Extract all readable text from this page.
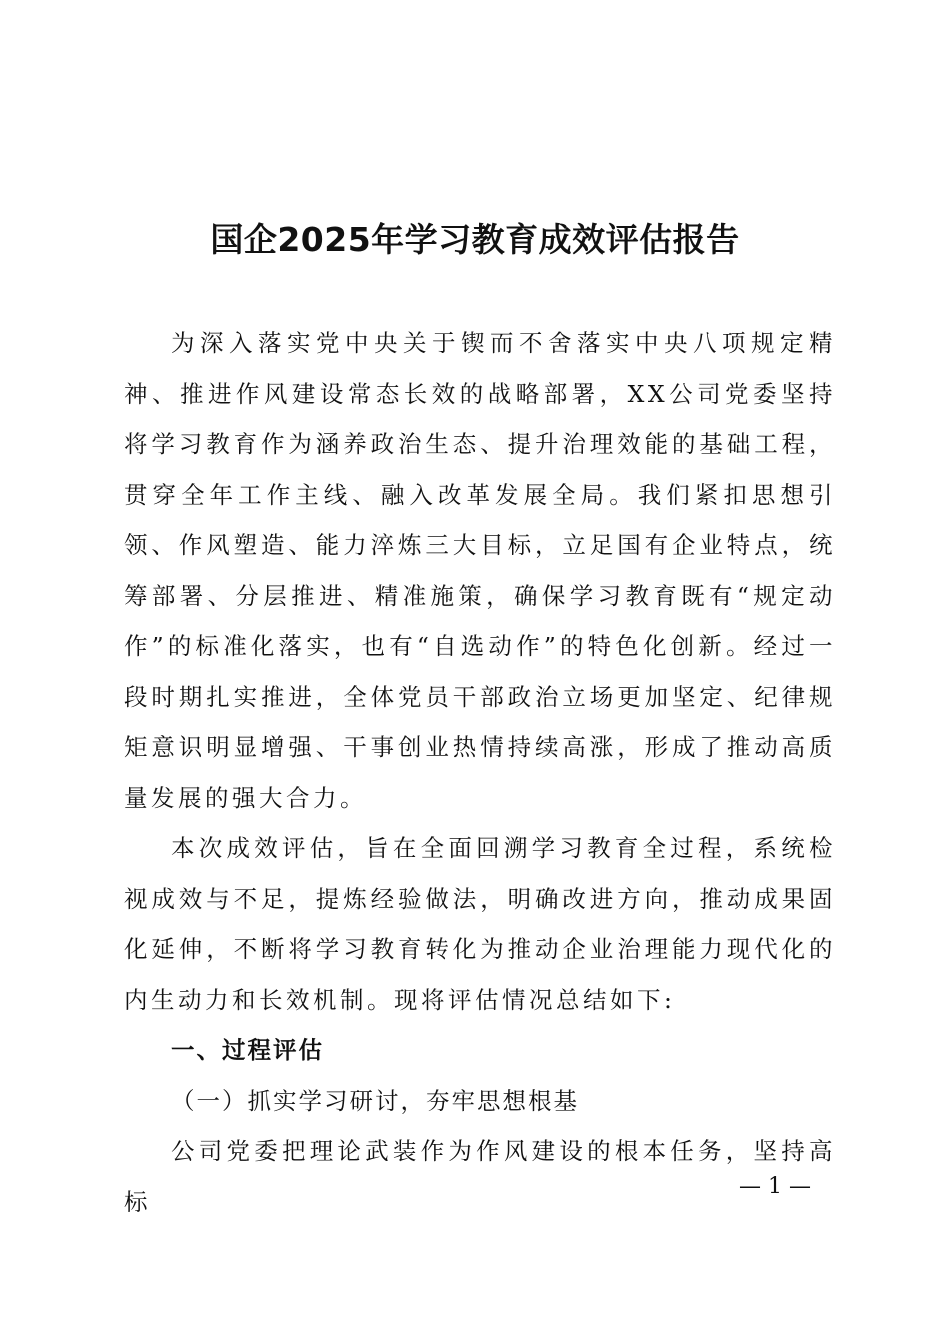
国企2025年学习教育成效评估报告

为深入落实党中央关于锲而不舍落实中央八项规定精神、推进作风建设常态长效的战略部署，XX公司党委坚持将学习教育作为涵养政治生态、提升治理效能的基础工程，贯穿全年工作主线、融入改革发展全局。我们紧扣思想引领、作风塑造、能力淬炼三大目标，立足国有企业特点，统筹部署、分层推进、精准施策，确保学习教育既有“规定动作”的标准化落实，也有“自选动作”的特色化创新。经过一段时期扎实推进，全体党员干部政治立场更加坚定、纪律规矩意识明显增强、干事创业热情持续高涨，形成了推动高质量发展的强大合力。

本次成效评估，旨在全面回溯学习教育全过程，系统检视成效与不足，提炼经验做法，明确改进方向，推动成果固化延伸，不断将学习教育转化为推动企业治理能力现代化的内生动力和长效机制。现将评估情况总结如下:

一、过程评估
（一）抓实学习研讨，夯牢思想根基

公司党委把理论武装作为作风建设的根本任务，坚持高标

— 1 —
